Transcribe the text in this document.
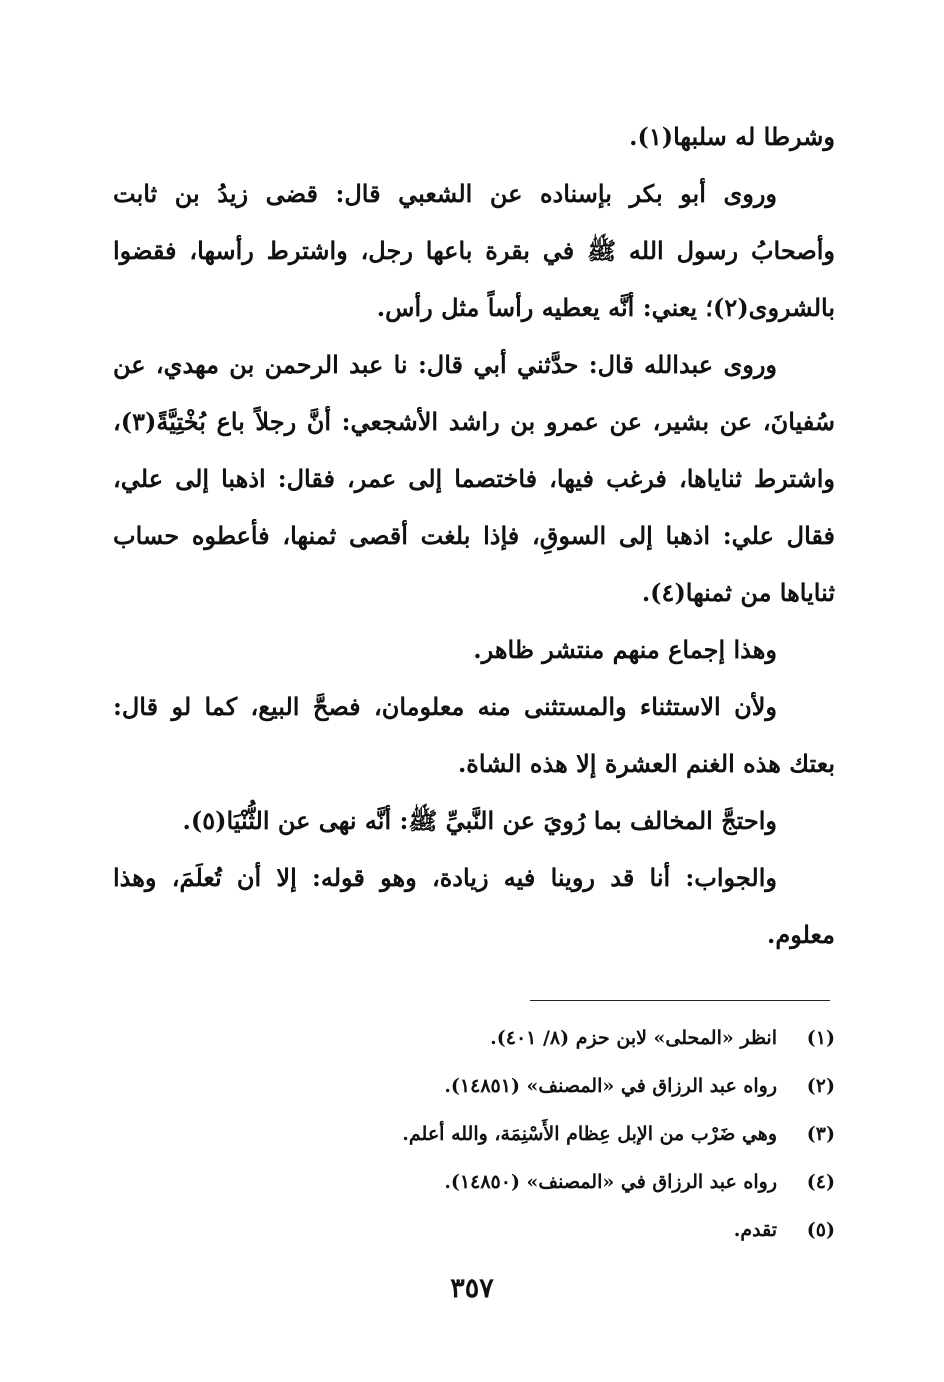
وشرطا له سلبها(١).

وروى أبو بكر بإسناده عن الشعبي قال: قضى زيدُ بن ثابت وأصحابُ رسول الله ﷺ في بقرة باعها رجل، واشترط رأسها، فقضوا بالشروى(٢)؛ يعني: أنَّه يعطيه رأساً مثل رأس.

وروى عبدالله قال: حدَّثني أبي قال: نا عبد الرحمن بن مهدي، عن سُفيانَ، عن بشير، عن عمرو بن راشد الأشجعي: أنَّ رجلاً باع بُخْتِيَّةً(٣)، واشترط ثناياها، فرغب فيها، فاختصما إلى عمر، فقال: اذهبا إلى علي، فقال علي: اذهبا إلى السوقِ، فإذا بلغت أقصى ثمنها، فأعطوه حساب ثناياها من ثمنها(٤).

وهذا إجماع منهم منتشر ظاهر.

ولأن الاستثناء والمستثنى منه معلومان، فصحَّ البيع، كما لو قال: بعتك هذه الغنم العشرة إلا هذه الشاة.

واحتجَّ المخالف بما رُويَ عن النَّبيِّ ﷺ: أنَّه نهى عن الثُّنْيَا(٥).

والجواب: أنا قد روينا فيه زيادة، وهو قوله: إلا أن تُعلَمَ، وهذا معلوم.

(١)
انظر «المحلى» لابن حزم (٨/ ٤٠١).
(٢)
رواه عبد الرزاق في «المصنف» (١٤٨٥١).
(٣)
وهي ضَرْب من الإبل عِظام الأَسْنِمَة، والله أعلم.
(٤)
رواه عبد الرزاق في «المصنف» (١٤٨٥٠).
(٥)
تقدم.
٣٥٧
